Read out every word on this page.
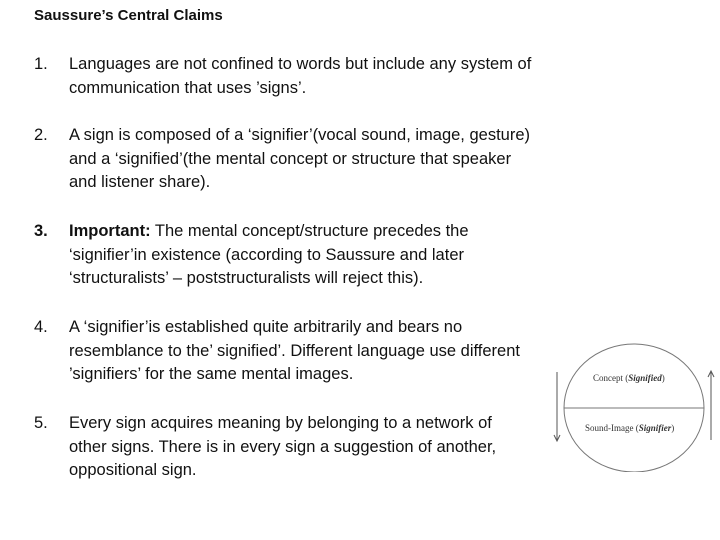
Saussure’s Central Claims
1.	Languages are not confined to words but include any system of communication that uses ’signs’.
2.	A sign is composed of a ‘signifier’(vocal sound, image, gesture) and a ‘signified’(the mental concept or structure that speaker and listener share).
3.	Important: The mental concept/structure precedes the ‘signifier’in existence (according to Saussure and later ‘structuralists’ – poststructuralists will reject this).
4.	A ‘signifier’is established quite arbitrarily and bears no resemblance to the’ signified’. Different language use different ’signifiers’ for the same mental images.
5.	Every sign acquires meaning by belonging to a network of other signs. There is in every sign a suggestion of another, oppositional sign.
Concept (Signified)
Sound-Image (Signifier)
